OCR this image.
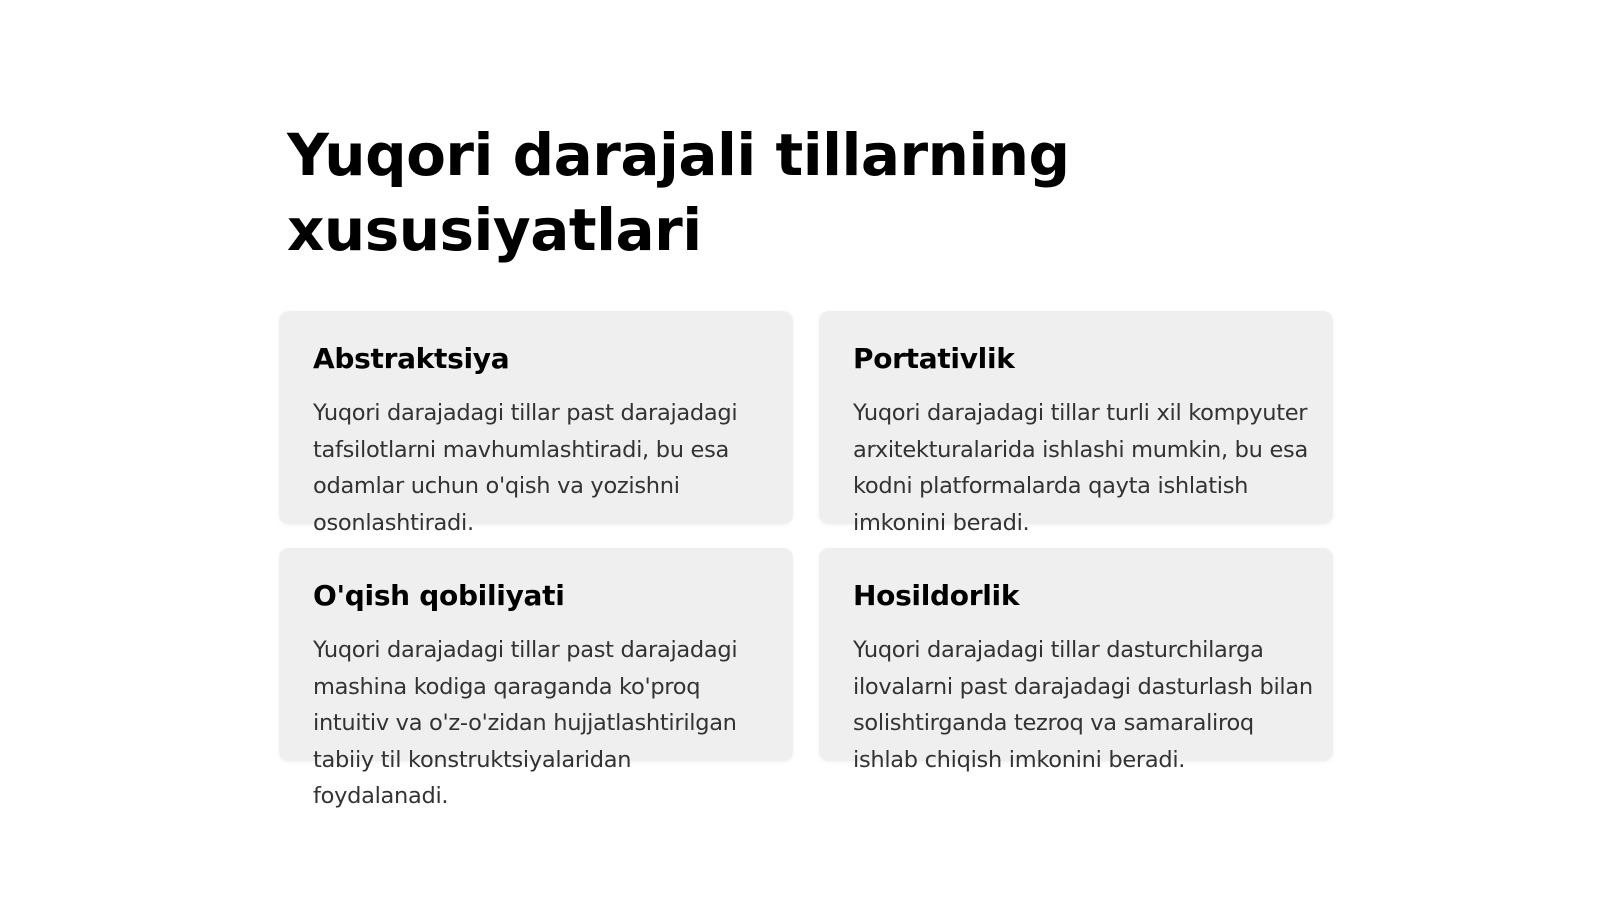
Yuqori darajali tillarning xususiyatlari
Abstraktsiya

Yuqori darajadagi tillar past darajadagi tafsilotlarni mavhumlashtiradi, bu esa odamlar uchun o'qish va yozishni osonlashtiradi.

Portativlik

Yuqori darajadagi tillar turli xil kompyuter arxitekturalarida ishlashi mumkin, bu esa kodni platformalarda qayta ishlatish imkonini beradi.

O'qish qobiliyati

Yuqori darajadagi tillar past darajadagi mashina kodiga qaraganda ko'proq intuitiv va o'z-o'zidan hujjatlashtirilgan tabiiy til konstruktsiyalaridan foydalanadi.

Hosildorlik

Yuqori darajadagi tillar dasturchilarga ilovalarni past darajadagi dasturlash bilan solishtirganda tezroq va samaraliroq ishlab chiqish imkonini beradi.
